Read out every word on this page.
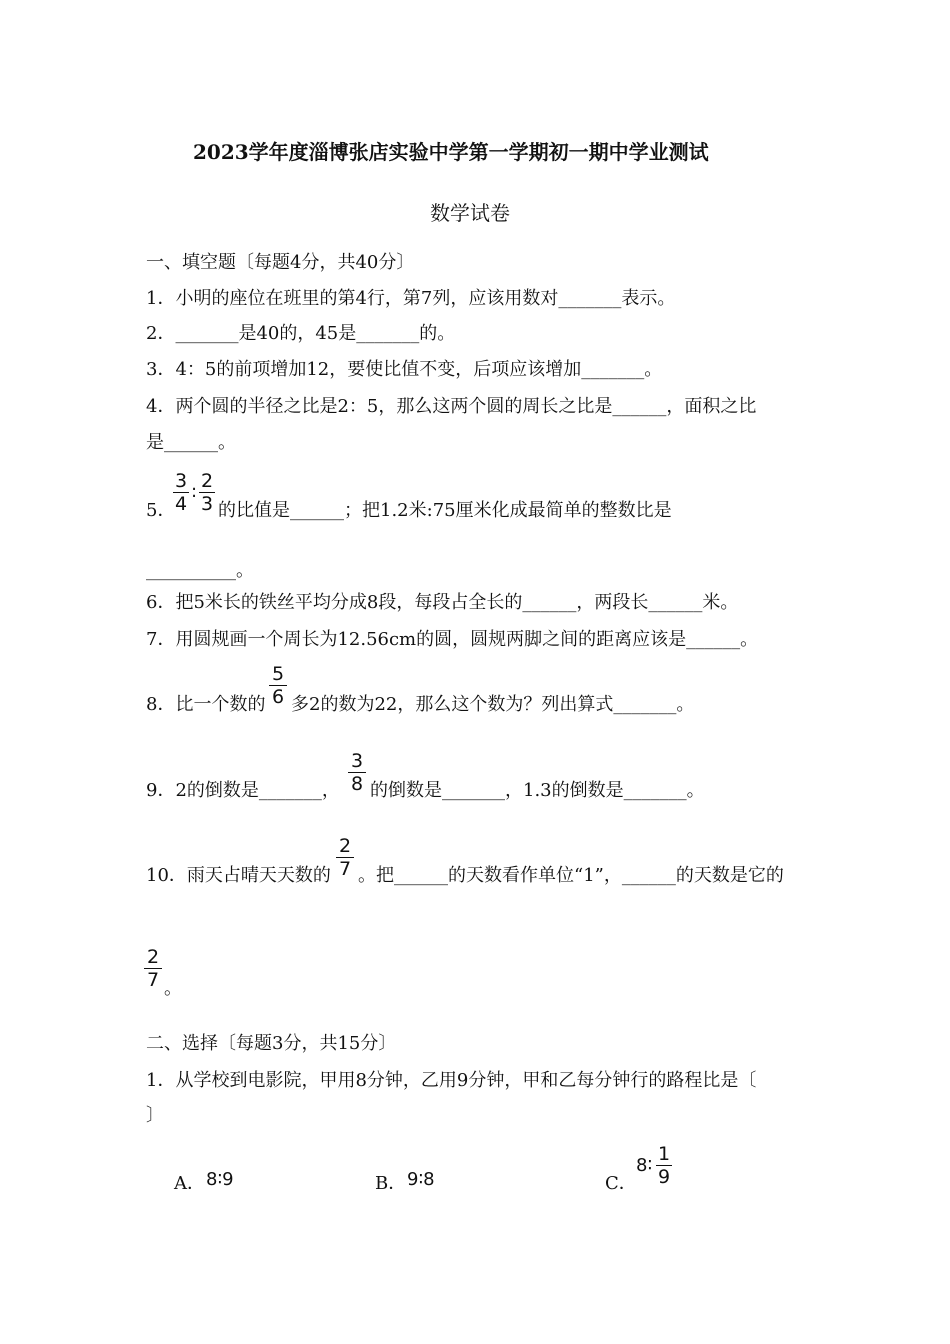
2023学年度淄博张店实验中学第一学期初一期中学业测试
数学试卷
一、填空题〔每题4分，共40分〕
1．小明的座位在班里的第4行，第7列，应该用数对_______表示。
2．_______是40的，45是_______的。
3．4：5的前项增加12，要使比值不变，后项应该增加_______。
4．两个圆的半径之比是2：5，那么这两个圆的周长之比是______，面积之比
是______。
5．
3
4
: 2
3 的比值是______；把1.2米:75厘米化成最简单的整数比是
__________。
6．把5米长的铁丝平均分成8段，每段占全长的______，两段长______米。
7．用圆规画一个周长为12.56cm的圆，圆规两脚之间的距离应该是______。
8．比一个数的
5
6 多2的数为22，那么这个数为？列出算式_______。
9．2的倒数是_______，
3
8 的倒数是_______，1.3的倒数是_______。
10．雨天占晴天天数的
2
7 。把______的天数看作单位“1”，______的天数是它的
2
7 。
二、选择〔每题3分，共15分〕
1．从学校到电影院，甲用8分钟，乙用9分钟，甲和乙每分钟行的路程比是〔
〕
A． 8∶9	B． 9∶8	C．
8∶
1
9
